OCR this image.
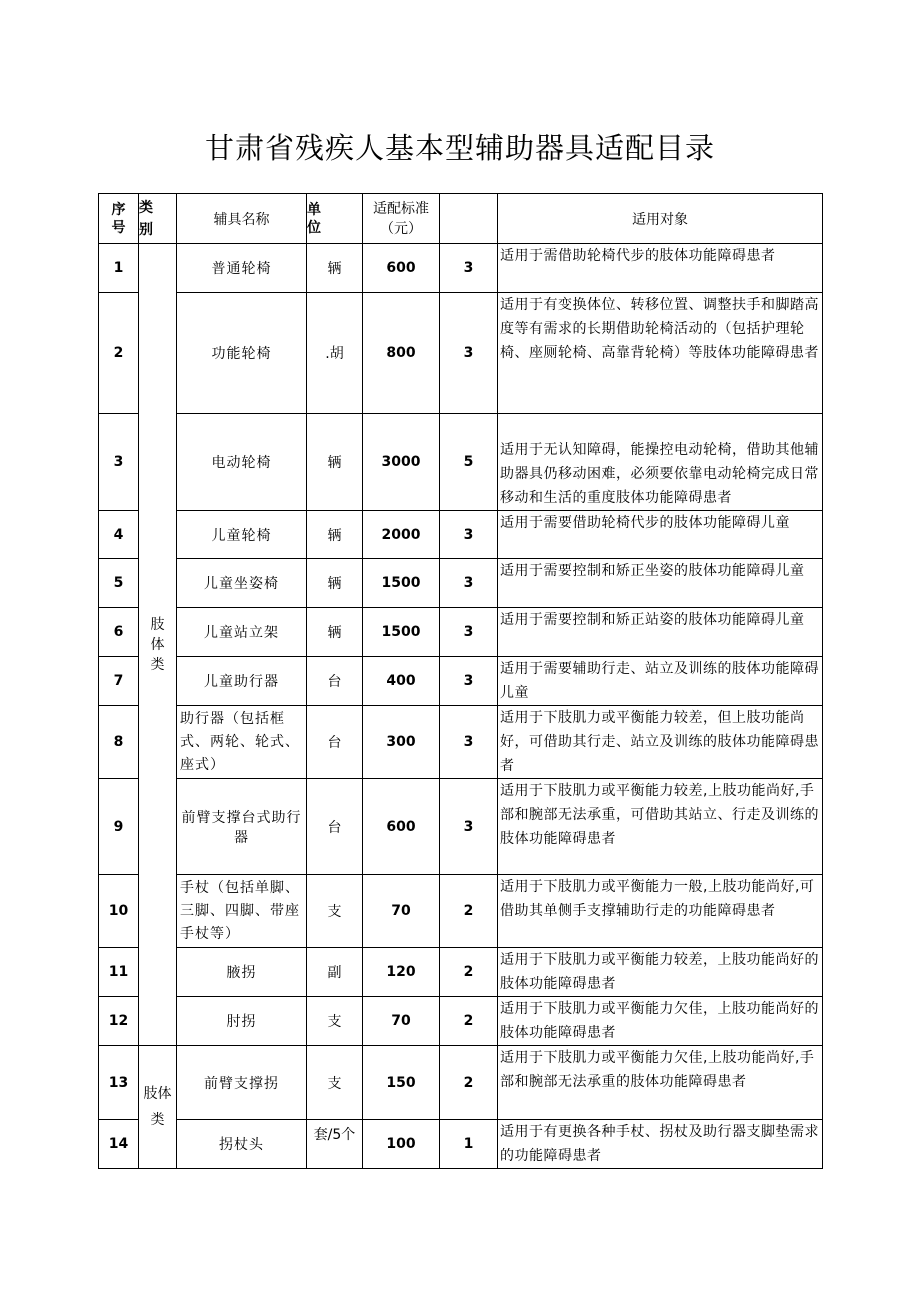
甘肃省残疾人基本型辅助器具适配目录
序号	类别	辅具名称	单位	适配标准（元）		适用对象
1	肢体类	普通轮椅	辆	600	3	适用于需借助轮椅代步的肢体功能障碍患者
2		功能轮椅	.胡	800	3	适用于有变换体位、转移位置、调整扶手和脚踏高度等有需求的长期借助轮椅活动的（包括护理轮椅、座厕轮椅、高靠背轮椅）等肢体功能障碍患者
3		电动轮椅	辆	3000	5	适用于无认知障碍，能操控电动轮椅，借助其他辅助器具仍移动困难，必须要依靠电动轮椅完成日常移动和生活的重度肢体功能障碍患者
4		儿童轮椅	辆	2000	3	适用于需要借助轮椅代步的肢体功能障碍儿童
5		儿童坐姿椅	辆	1500	3	适用于需要控制和矫正坐姿的肢体功能障碍儿童
6		儿童站立架	辆	1500	3	适用于需要控制和矫正站姿的肢体功能障碍儿童
7		儿童助行器	台	400	3	适用于需要辅助行走、站立及训练的肢体功能障碍儿童
8		助行器（包括框式、两轮、轮式、座式）	台	300	3	适用于下肢肌力或平衡能力较差，但上肢功能尚好，可借助其行走、站立及训练的肢体功能障碍患者
9		前臂支撑台式助行器	台	600	3	适用于下肢肌力或平衡能力较差,上肢功能尚好,手部和腕部无法承重，可借助其站立、行走及训练的肢体功能障碍患者
10		手杖（包括单脚、三脚、四脚、带座手杖等）	支	70	2	适用于下肢肌力或平衡能力一般,上肢功能尚好,可借助其单侧手支撑辅助行走的功能障碍患者
11		腋拐	副	120	2	适用于下肢肌力或平衡能力较差，上肢功能尚好的肢体功能障碍患者
12		肘拐	支	70	2	适用于下肢肌力或平衡能力欠佳，上肢功能尚好的肢体功能障碍患者
13	肢体类	前臂支撑拐	支	150	2	适用于下肢肌力或平衡能力欠佳,上肢功能尚好,手部和腕部无法承重的肢体功能障碍患者
14		拐杖头	套/5个	100	1	适用于有更换各种手杖、拐杖及助行器支脚垫需求的功能障碍患者
